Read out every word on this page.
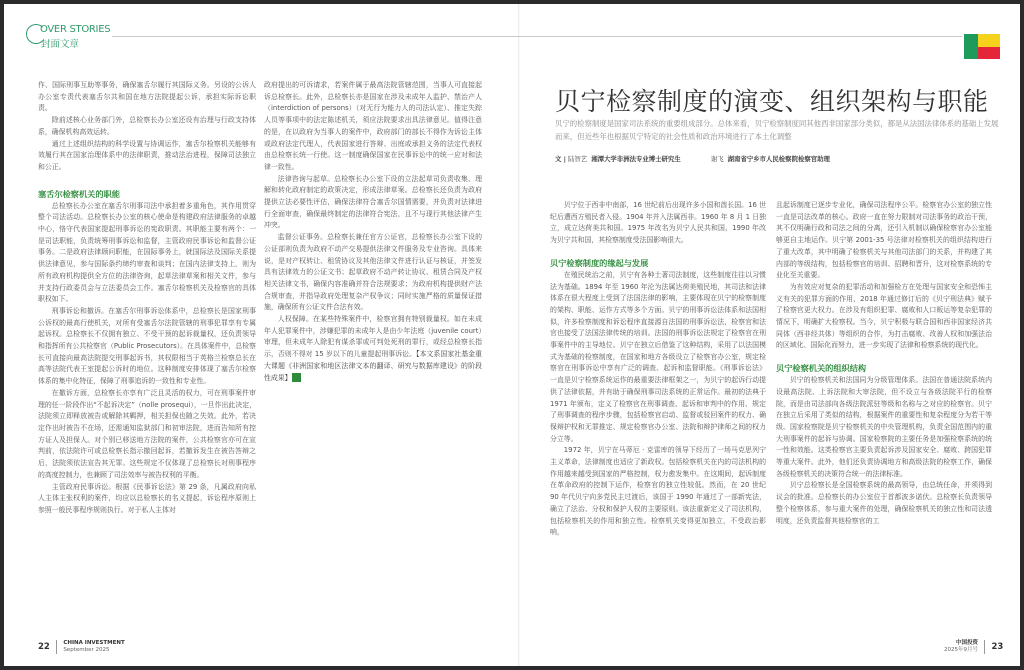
OVER STORIES
封面文章

作、国际刑事互助等事务，确保塞舌尔履行其国际义务。另设的公诉人办公室专责代表塞舌尔共和国在地方法院提起公诉，承担实际诉讼职责。

除前述核心业务部门外，总检察长办公室还设有治理与行政支持体系，确保机构高效运转。

通过上述组织结构的科学设置与协调运作，塞舌尔检察机关能够有效履行其在国家治理体系中的法律职责，推动法治进程，保障司法独立和公正。

塞舌尔检察机关的职能

总检察长办公室在塞舌尔刑事司法中承担着多重角色，其作用贯穿整个司法活动。总检察长办公室的核心使命是构建政府法律服务的卓越中心，恪守代表国家提起刑事诉讼的宪政职责。其职能主要有两个：一是司法职能，负责统筹刑事诉讼和监督，主管政府民事诉讼和监督公证事务。二是政府法律顾问职能，在国际事务上，就国际法及国际关系提供法律意见，参与国际条约缔约审查和谈判；在国内法律支持上，则为所有政府机构提供全方位的法律咨询，起草法律草案和相关文件，参与并支持行政委员会与立法委员会工作。塞舌尔检察机关及检察官的具体职权如下。

刑事诉讼和撤诉。在塞舌尔刑事诉讼体系中，总检察长是国家刑事公诉权的最高行使机关，对所有受塞舌尔法院管辖的刑事犯罪享有专属起诉权。总检察长不仅拥有独立、不受干预的起诉裁量权，还负责领导和指挥所有公共检察官（Public Prosecutors）。在具体案件中，总检察长可直接向最高法院提交刑事起诉书，其权限相当于英格兰检察总长在高等法院代表王室提起公诉时的地位。这种制度安排体现了塞舌尔检察体系的集中化特征，保障了刑事追诉的一致性和专业性。

在撤诉方面，总检察长亦享有广泛且灵活的权力，可在刑事案件审理的任一阶段作出“不起诉决定”（nolle prosequi），一旦作出此决定，法院须立即释放被告或解除其羁押，相关担保也随之失效。此外，若决定作出时被告不在场，还需通知监狱部门和初审法院，进而告知所有控方证人及担保人。对个别已移送地方法院的案件，公共检察官亦可在宣判前，依法院许可或总检察长指示撤回起诉，若撤诉发生在被告答辩之后，法院须依法宣告其无罪。这些规定不仅体现了总检察长对刑事程序的高度控制力，也兼顾了司法效率与被告权利的平衡。

主管政府民事诉讼。根据《民事诉讼法》第 29 条，凡属政府向私人主体主张权利的案件，均应以总检察长的名义提起，诉讼程序原则上参照一般民事程序规则执行。对于私人主体对

政府提出的可诉请求，若案件属于最高法院管辖范围，当事人可直接起诉总检察长。此外，总检察长亦是国家在涉及未成年人监护、禁治产人（interdiction of persons）（对无行为能力人的司法认定）、推定失踪人员等事项中的法定陈述机关，须应法院要求出具法律意见。值得注意的是，在以政府为当事人的案件中，政府部门的部长不得作为诉讼主体或政府法定代理人，代表国家进行答辩、出庭或承担义务的法定代表权由总检察长统一行使。这一制度确保国家在民事诉讼中的统一应对和法律一致性。

法律咨询与起草。总检察长办公室下设的立法起草司负责收集、理解和转化政府制定的政策决定，形成法律草案。总检察长还负责为政府提供立法必要性评估，确保法律符合塞舌尔国情需要，并负责对法律进行全面审查，确保最终制定的法律符合宪法，且不与现行其他法律产生冲突。

监督公证事务。总检察长兼任官方公证官，总检察长办公室下设的公证部则负责为政府不动产交易提供法律文件服务及专业咨询。具体来说，是对产权转让、租赁协议及其他法律文件进行认证与核证，并签发具有法律效力的公证文书；起草政府不动产转让协议、租赁合同及产权相关法律文书，确保内容准确并符合法规要求；为政府机构提供财产法合规审查，并指导政府处理复杂产权争议；同时实施严格的质量保证措施，确保所有公证文件合法有效。

人权保障。在某些特殊案件中，检察官拥有特别裁量权。如在未成年人犯罪案件中，涉嫌犯罪的未成年人是由少年法庭（juvenile court）审理，但未成年人除犯有谋杀罪或可判处死刑的罪行，或经总检察长指示，否则不得对 15 岁以下的儿童提起刑事诉讼。【本文系国家社基金重大课题《非洲国家和地区法律文本的翻译、研究与数据库建设》的阶段性成果】 ZG

22 CHINA INVESTMENT
September 2025
贝宁检察制度的演变、组织架构与职能
贝宁的检察制度是国家司法系统的重要组成部分。总体来看，贝宁检察制度同其他西非国家部分类似，都是从法国法律体系的基础上发展而来，但近些年也根据贝宁特定的社会性质和政治环境进行了本土化调整
文 | 陆智艺 湘潭大学非洲法专业博士研究生	谢飞 湖南省宁乡市人民检察院检察官助理

贝宁位于西非中南部，16 世纪前后出现许多小国和酋长国。16 世纪后遭西方殖民者入侵。1904 年并入法属西非。1960 年 8 月 1 日独立，成立达荷美共和国。1975 年改名为贝宁人民共和国，1990 年改为贝宁共和国，其检察制度受法国影响很大。

贝宁检察制度的缘起与发展

在殖民统治之前，贝宁有各种土著司法制度，这些制度往往以习惯法为基础。1894 年至 1960 年沦为法属达荷美殖民地，其司法和法律体系在很大程度上受到了法国法律的影响，主要体现在贝宁的检察制度的架构、职能、运作方式等多个方面。贝宁的刑事诉讼法体系和法国相似，许多检察制度和诉讼程序直接源自法国的刑事诉讼法，检察官和法官也接受了法国法律传统的培训。法国的刑事诉讼法规定了检察官在刑事案件中的主导地位。贝宁在独立后借鉴了这种结构，采用了以法国模式为基础的检察制度，在国家和地方各级设立了检察官办公室，规定检察官在刑事诉讼中享有广泛的调查、起诉和监督职能。《刑事诉讼法》一直是贝宁检察系统运作的最重要法律框架之一，为贝宁的起诉行动提供了法律依据，并有助于确保刑事司法系统的正常运作。最初的法典于 1971 年颁布，定义了检察官在刑事调查、起诉和审判中的作用、规定了刑事调查的程序步骤，包括检察官启动、监督或驳回案件的权力、确保辩护权和无罪推定、规定检察官办公室、法院和辩护律师之间的权力分立等。

1972 年，贝宁在马蒂厄 · 克雷库的领导下经历了一场马克思列宁主义革命，法律制度也适应了新政权。包括检察机关在内的司法机构的作用越来越受到国家的严格控制，权力愈发集中。在这期间，起诉制度在革命政府的控制下运作，检察官的独立性较低。然而，在 20 世纪 90 年代贝宁向多党民主过渡后，该国于 1990 年通过了一部新宪法，确立了法治、分权和保护人权的主要原则。该法重新定义了司法机构，包括检察机关的作用和独立性。检察机关变得更加独立，不受政治影响，

且起诉制度已逐步专业化，确保司法程序公平。检察官办公室的独立性一直是司法改革的核心。政府一直在努力限制对司法事务的政治干预，其不仅明确行政和司法之间的分离，还引入机制以确保检察官办公室能够更自主地运作。贝宁第 2001-35 号法律对检察机关的组织结构进行了重大改革，其中明确了检察机关与其他司法部门的关系，并构建了其内部的等级结构，包括检察官的培训、招聘和晋升，这对检察系统的专业化至关重要。

为有效应对复杂的犯罪活动和加强检方在处理与国家安全和恐怖主义有关的犯罪方面的作用，2018 年通过修订后的《贝宁刑法典》赋予了检察官更大权力。在涉及有组织犯罪、腐败和人口贩运等复杂犯罪的情况下，明确扩大检察权。当今，贝宁积极与联合国和西非国家经济共同体（西非经共体）等组织的合作，为打击腐败、改善人权和加强法治的区域化、国际化而努力，进一步实现了法律和检察系统的现代化。

贝宁检察机关的组织结构

贝宁的检察机关和法国同为分级管理体系。法国在普通法院系统内设最高法院、上诉法院和大审法院，但不设立与各级法院平行的检察院，而是由司法部向各级法院派驻等级和名称与之对应的检察官。贝宁在独立后采用了类似的结构，根据案件的重要性和复杂程度分为若干等级。国家检察院是贝宁检察机关的中央管理机构，负责全国范围内的重大刑事案件的起诉与协调。国家检察院的主要任务是加强检察系统的统一性和效能。这类检察官主要负责起诉涉及国家安全、腐败、跨国犯罪等重大案件。此外，他们还负责协调地方和高级法院的检察工作，确保各级检察机关的决策符合统一的法律标准。

贝宁总检察长是全国检察系统的最高领导，由总统任命，并须得到议会的批准。总检察长的办公室位于首都波多诺伏。总检察长负责领导整个检察体系，参与重大案件的处理，确保检察机关的独立性和司法透明度，还负责监督其他检察官的工

中国投资
2025年9月号 23
